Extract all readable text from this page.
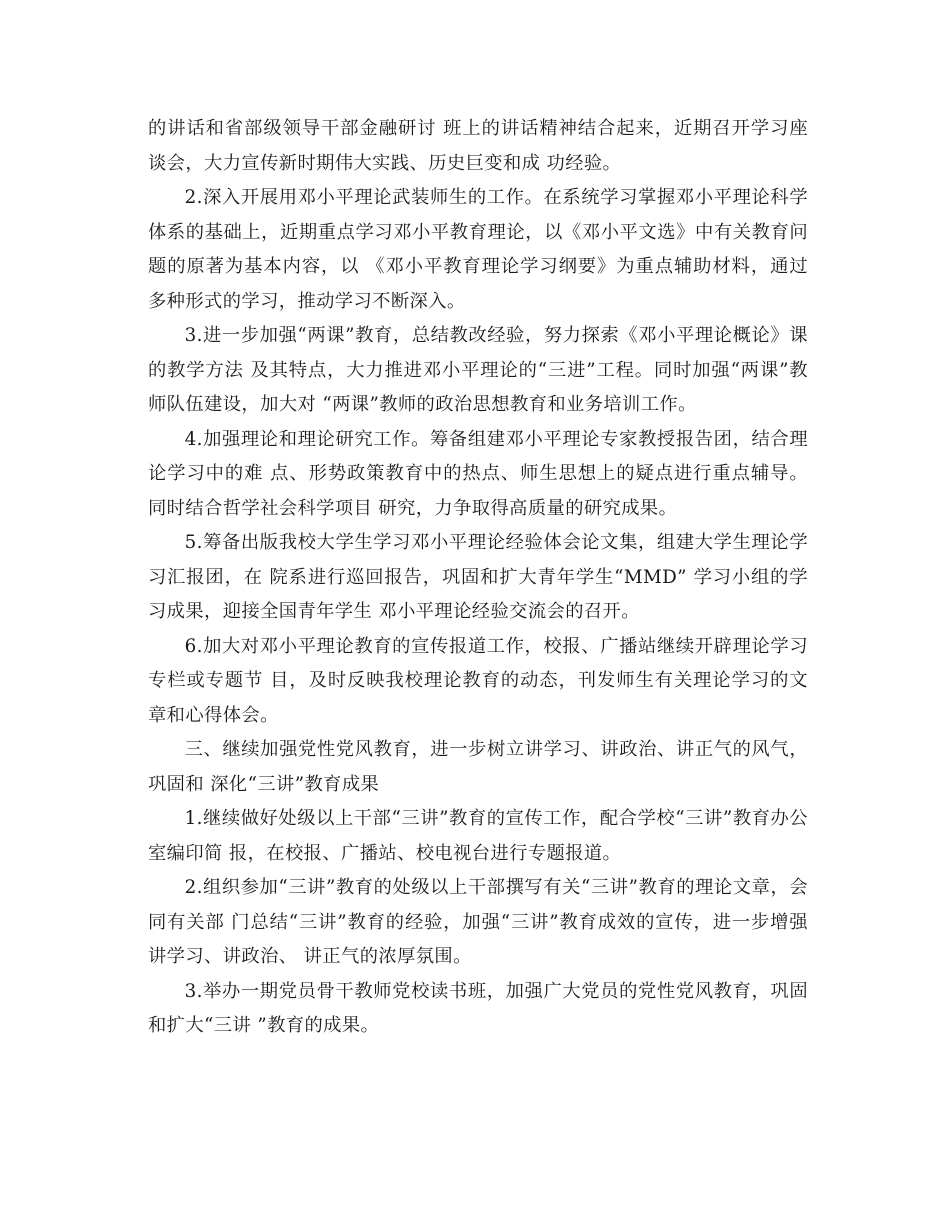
的讲话和省部级领导干部金融研讨 班上的讲话精神结合起来，近期召开学习座谈会，大力宣传新时期伟大实践、历史巨变和成 功经验。

2.深入开展用邓小平理论武装师生的工作。在系统学习掌握邓小平理论科学体系的基础上，近期重点学习邓小平教育理论，以《邓小平文选》中有关教育问题的原著为基本内容，以 《邓小平教育理论学习纲要》为重点辅助材料，通过多种形式的学习，推动学习不断深入。

3.进一步加强“两课”教育，总结教改经验，努力探索《邓小平理论概论》课的教学方法 及其特点，大力推进邓小平理论的“三进”工程。同时加强“两课”教师队伍建设，加大对 “两课”教师的政治思想教育和业务培训工作。

4.加强理论和理论研究工作。筹备组建邓小平理论专家教授报告团，结合理论学习中的难 点、形势政策教育中的热点、师生思想上的疑点进行重点辅导。同时结合哲学社会科学项目 研究，力争取得高质量的研究成果。

5.筹备出版我校大学生学习邓小平理论经验体会论文集，组建大学生理论学习汇报团，在 院系进行巡回报告，巩固和扩大青年学生“MMD” 学习小组的学习成果，迎接全国青年学生 邓小平理论经验交流会的召开。

6.加大对邓小平理论教育的宣传报道工作，校报、广播站继续开辟理论学习专栏或专题节 目，及时反映我校理论教育的动态，刊发师生有关理论学习的文章和心得体会。

三、继续加强党性党风教育，进一步树立讲学习、讲政治、讲正气的风气，巩固和 深化“三讲”教育成果

1.继续做好处级以上干部“三讲”教育的宣传工作，配合学校“三讲”教育办公室编印简 报，在校报、广播站、校电视台进行专题报道。

2.组织参加“三讲”教育的处级以上干部撰写有关“三讲”教育的理论文章，会同有关部 门总结“三讲”教育的经验，加强“三讲”教育成效的宣传，进一步增强讲学习、讲政治、 讲正气的浓厚氛围。

3.举办一期党员骨干教师党校读书班，加强广大党员的党性党风教育，巩固和扩大“三讲 ”教育的成果。
